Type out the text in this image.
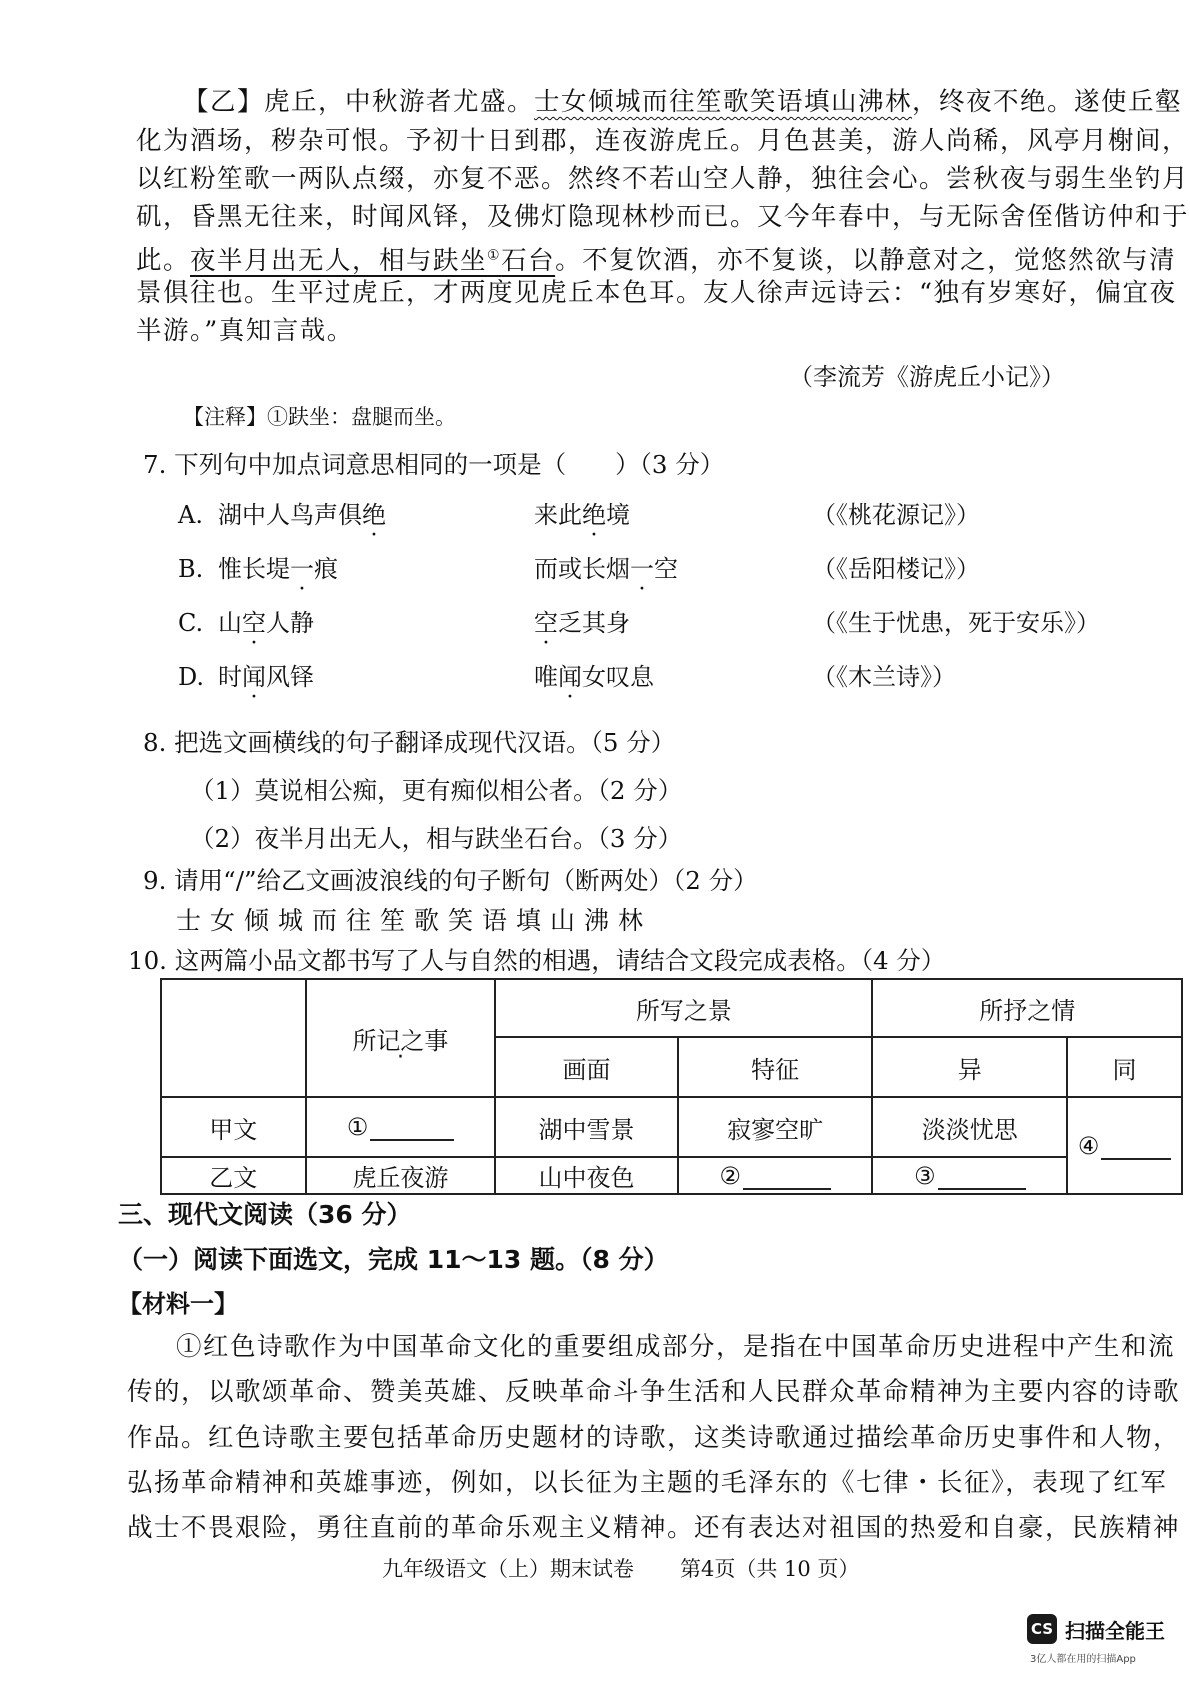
【乙】虎丘，中秋游者尤盛。士女倾城而往笙歌笑语填山沸林，终夜不绝。遂使丘壑
化为酒场，秽杂可恨。予初十日到郡，连夜游虎丘。月色甚美，游人尚稀，风亭月榭间，
以红粉笙歌一两队点缀，亦复不恶。然终不若山空人静，独往会心。尝秋夜与弱生坐钓月
矶，昏黑无往来，时闻风铎，及佛灯隐现林杪而已。又今年春中，与无际舍侄偕访仲和于
此。夜半月出无人，相与趺坐①石台。不复饮酒，亦不复谈，以静意对之，觉悠然欲与清
景俱往也。生平过虎丘，才两度见虎丘本色耳。友人徐声远诗云：“独有岁寒好，偏宜夜
半游。”真知言哉。
（李流芳《游虎丘小记》）
【注释】①趺坐：盘腿而坐。
7. 下列句中加点词意思相同的一项是（　　）（3 分）
A. 湖中人鸟声俱绝	来此绝境	（《桃花源记》）
B. 惟长堤一痕	而或长烟一空	（《岳阳楼记》）
C. 山空人静	空乏其身	（《生于忧患，死于安乐》）
D. 时闻风铎	唯闻女叹息	（《木兰诗》）
8. 把选文画横线的句子翻译成现代汉语。（5 分）
（1）莫说相公痴，更有痴似相公者。（2 分）
（2）夜半月出无人，相与趺坐石台。（3 分）
9. 请用“/”给乙文画波浪线的句子断句（断两处）（2 分）
士女倾城而往笙歌笑语填山沸林
10. 这两篇小品文都书写了人与自然的相遇，请结合文段完成表格。（4 分）
	所记之事	所写之景		所抒之情	
		画面	特征	异	同
甲文	①	湖中雪景	寂寥空旷	淡淡忧思	④
乙文	虎丘夜游	山中夜色	②	③	
三、现代文阅读（36 分）
（一）阅读下面选文，完成 11～13 题。（8 分）
【材料一】
①红色诗歌作为中国革命文化的重要组成部分，是指在中国革命历史进程中产生和流
传的，以歌颂革命、赞美英雄、反映革命斗争生活和人民群众革命精神为主要内容的诗歌
作品。红色诗歌主要包括革命历史题材的诗歌，这类诗歌通过描绘革命历史事件和人物，
弘扬革命精神和英雄事迹，例如，以长征为主题的毛泽东的《七律・长征》，表现了红军
战士不畏艰险，勇往直前的革命乐观主义精神。还有表达对祖国的热爱和自豪，民族精神
九年级语文（上）期末试卷 第4页（共 10 页）
CS 扫描全能王
3亿人都在用的扫描App
